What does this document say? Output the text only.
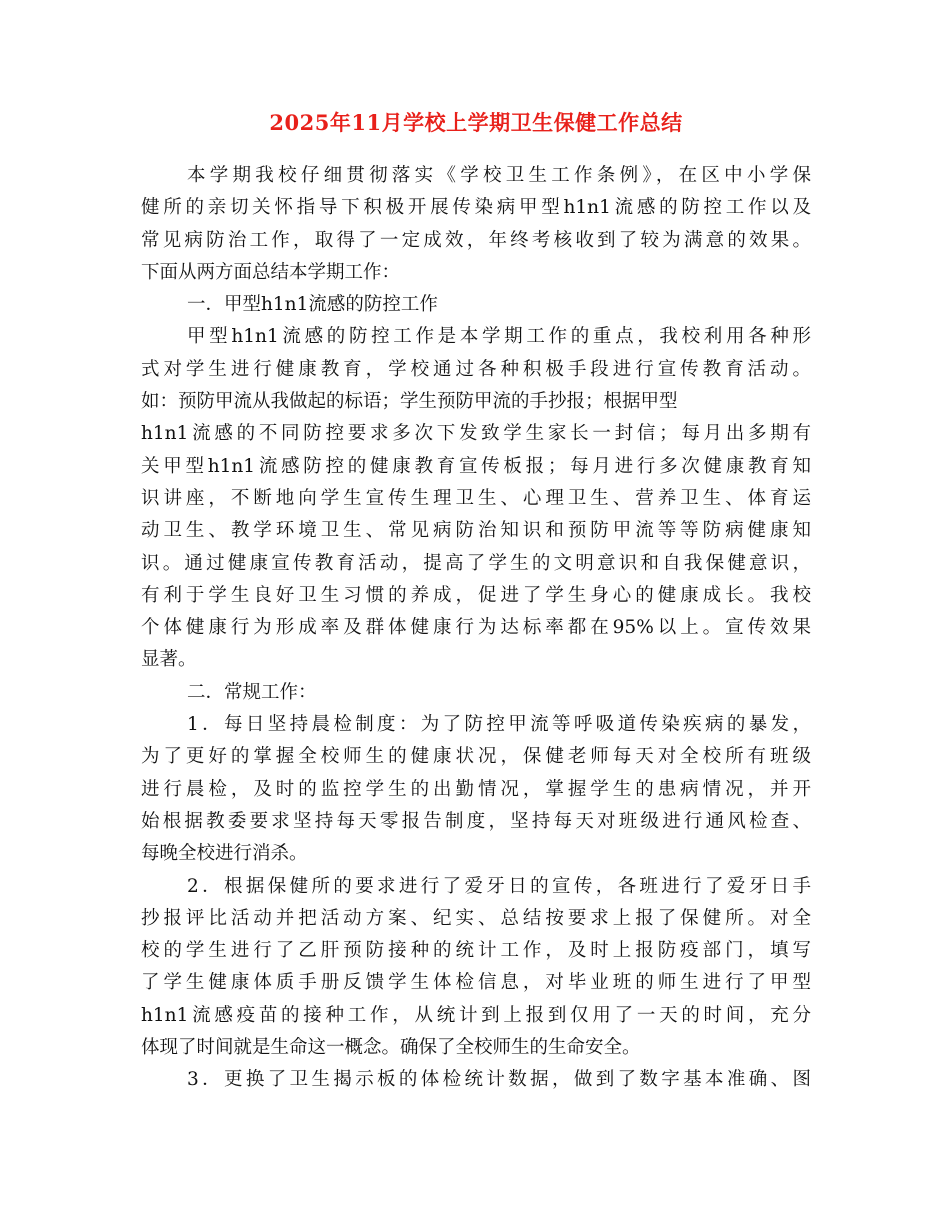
2025年11月学校上学期卫生保健工作总结
本学期我校仔细贯彻落实《学校卫生工作条例》，在区中小学保
健所的亲切关怀指导下积极开展传染病甲型h1n1流感的防控工作以及
常见病防治工作，取得了一定成效，年终考核收到了较为满意的效果。
下面从两方面总结本学期工作：
一．甲型h1n1流感的防控工作
甲型h1n1流感的防控工作是本学期工作的重点，我校利用各种形
式对学生进行健康教育，学校通过各种积极手段进行宣传教育活动。
如：预防甲流从我做起的标语；学生预防甲流的手抄报；根据甲型
h1n1流感的不同防控要求多次下发致学生家长一封信；每月出多期有
关甲型h1n1流感防控的健康教育宣传板报；每月进行多次健康教育知
识讲座，不断地向学生宣传生理卫生、心理卫生、营养卫生、体育运
动卫生、教学环境卫生、常见病防治知识和预防甲流等等防病健康知
识。通过健康宣传教育活动，提高了学生的文明意识和自我保健意识，
有利于学生良好卫生习惯的养成，促进了学生身心的健康成长。我校
个体健康行为形成率及群体健康行为达标率都在95%以上。宣传效果
显著。
二．常规工作：
1．每日坚持晨检制度：为了防控甲流等呼吸道传染疾病的暴发，
为了更好的掌握全校师生的健康状况，保健老师每天对全校所有班级
进行晨检，及时的监控学生的出勤情况，掌握学生的患病情况，并开
始根据教委要求坚持每天零报告制度，坚持每天对班级进行通风检查、
每晚全校进行消杀。
2．根据保健所的要求进行了爱牙日的宣传，各班进行了爱牙日手
抄报评比活动并把活动方案、纪实、总结按要求上报了保健所。对全
校的学生进行了乙肝预防接种的统计工作，及时上报防疫部门，填写
了学生健康体质手册反馈学生体检信息，对毕业班的师生进行了甲型
h1n1流感疫苗的接种工作，从统计到上报到仅用了一天的时间，充分
体现了时间就是生命这一概念。确保了全校师生的生命安全。
3．更换了卫生揭示板的体检统计数据，做到了数字基本准确、图
